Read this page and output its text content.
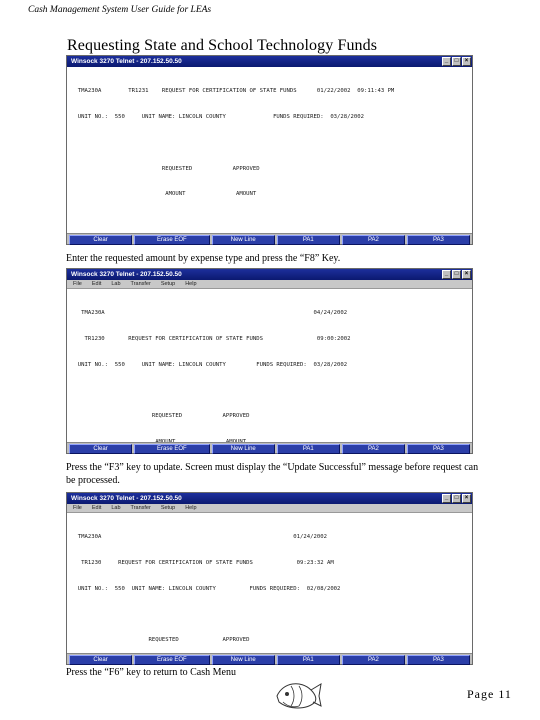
Cash Management System User Guide for LEAs
Requesting State and School Technology Funds
Winsock 3270 Telnet - 207.152.50.50	_	□	×

TMA230A        TR1231    REQUEST FOR CERTIFICATION OF STATE FUNDS      01/22/2002  09:11:43 PM

UNIT NO.:  550     UNIT NAME: LINCOLN COUNTY              FUNDS REQUIRED:  03/28/2002

REQUESTED            APPROVED

AMOUNT               AMOUNT

Clear	Erase EOF	New Line	PA1	PA2	PA3
Enter the requested amount by expense type and press the “F8” Key.
Winsock 3270 Telnet - 207.152.50.50	_	□	×
File Edit Lab Transfer Setup Help

TMA230A                                                              04/24/2002

TR1230       REQUEST FOR CERTIFICATION OF STATE FUNDS                09:00:2002

UNIT NO.:  550     UNIT NAME: LINCOLN COUNTY         FUNDS REQUIRED:  03/28/2002

REQUESTED            APPROVED

Clear	Erase EOF	New Line	PA1	PA2	PA3
Press the “F3” key to update. Screen must display the “Update Successful” message before request can be processed.
Winsock 3270 Telnet - 207.152.50.50	_	□	×
File Edit Lab Transfer Setup Help

TMA230A                                                         01/24/2002

TR1230     REQUEST FOR CERTIFICATION OF STATE FUNDS             09:23:32 AM

UNIT NO.:  550  UNIT NAME: LINCOLN COUNTY          FUNDS REQUIRED:  02/08/2002

REQUESTED             APPROVED

Clear	Erase EOF	New Line	PA1	PA2	PA3
Press the “F6” key to return to Cash Menu
Page 11
